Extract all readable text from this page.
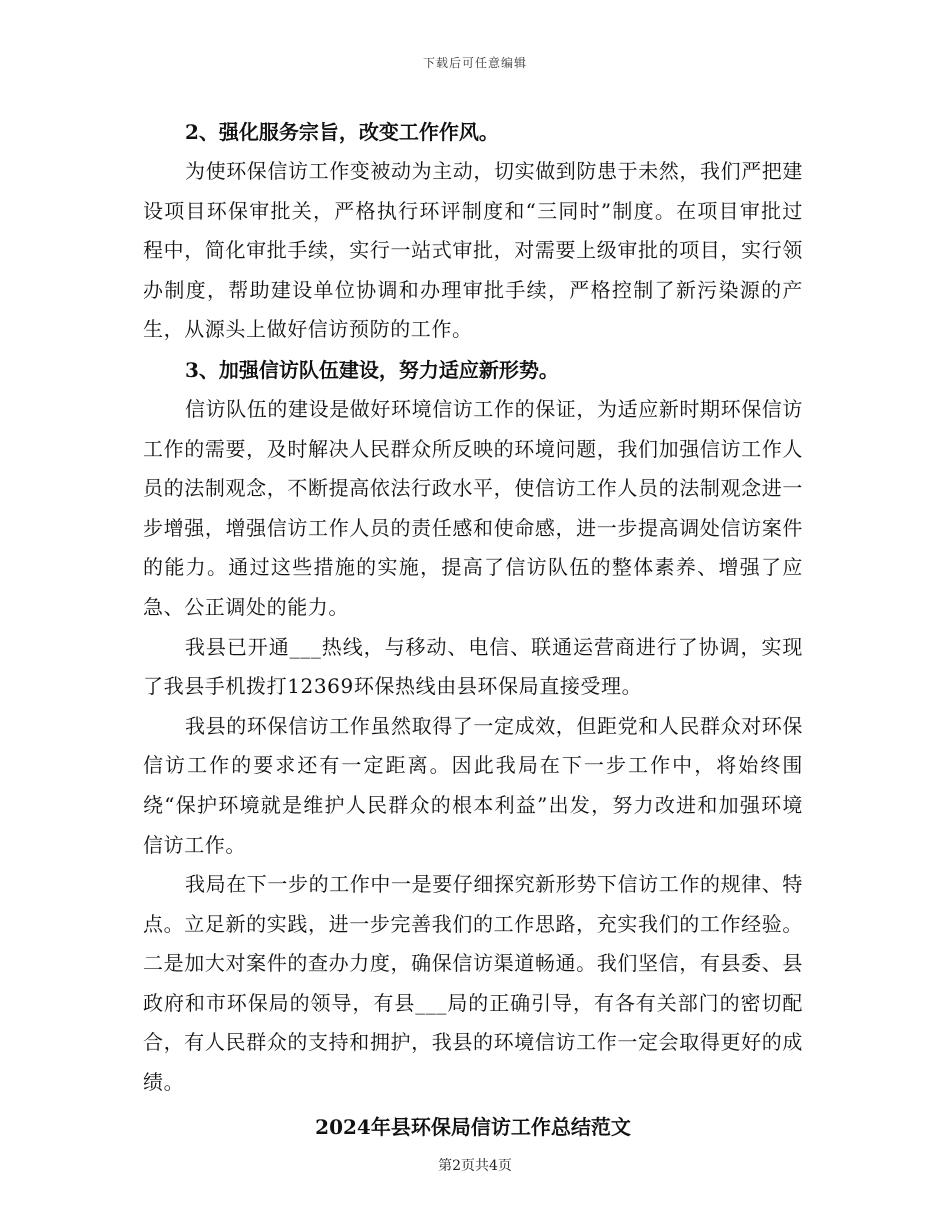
下载后可任意编辑

2、强化服务宗旨，改变工作作风。

为使环保信访工作变被动为主动，切实做到防患于未然，我们严把建设项目环保审批关，严格执行环评制度和“三同时”制度。在项目审批过程中，简化审批手续，实行一站式审批，对需要上级审批的项目，实行领办制度，帮助建设单位协调和办理审批手续，严格控制了新污染源的产生，从源头上做好信访预防的工作。

3、加强信访队伍建设，努力适应新形势。

信访队伍的建设是做好环境信访工作的保证，为适应新时期环保信访工作的需要，及时解决人民群众所反映的环境问题，我们加强信访工作人员的法制观念，不断提高依法行政水平，使信访工作人员的法制观念进一步增强，增强信访工作人员的责任感和使命感，进一步提高调处信访案件的能力。通过这些措施的实施，提高了信访队伍的整体素养、增强了应急、公正调处的能力。

我县已开通___热线，与移动、电信、联通运营商进行了协调，实现了我县手机拨打12369环保热线由县环保局直接受理。

我县的环保信访工作虽然取得了一定成效，但距党和人民群众对环保信访工作的要求还有一定距离。因此我局在下一步工作中，将始终围绕“保护环境就是维护人民群众的根本利益”出发，努力改进和加强环境信访工作。

我局在下一步的工作中一是要仔细探究新形势下信访工作的规律、特点。立足新的实践，进一步完善我们的工作思路，充实我们的工作经验。二是加大对案件的查办力度，确保信访渠道畅通。我们坚信，有县委、县政府和市环保局的领导，有县___局的正确引导，有各有关部门的密切配合，有人民群众的支持和拥护，我县的环境信访工作一定会取得更好的成绩。

2024年县环保局信访工作总结范文

第2页共4页
